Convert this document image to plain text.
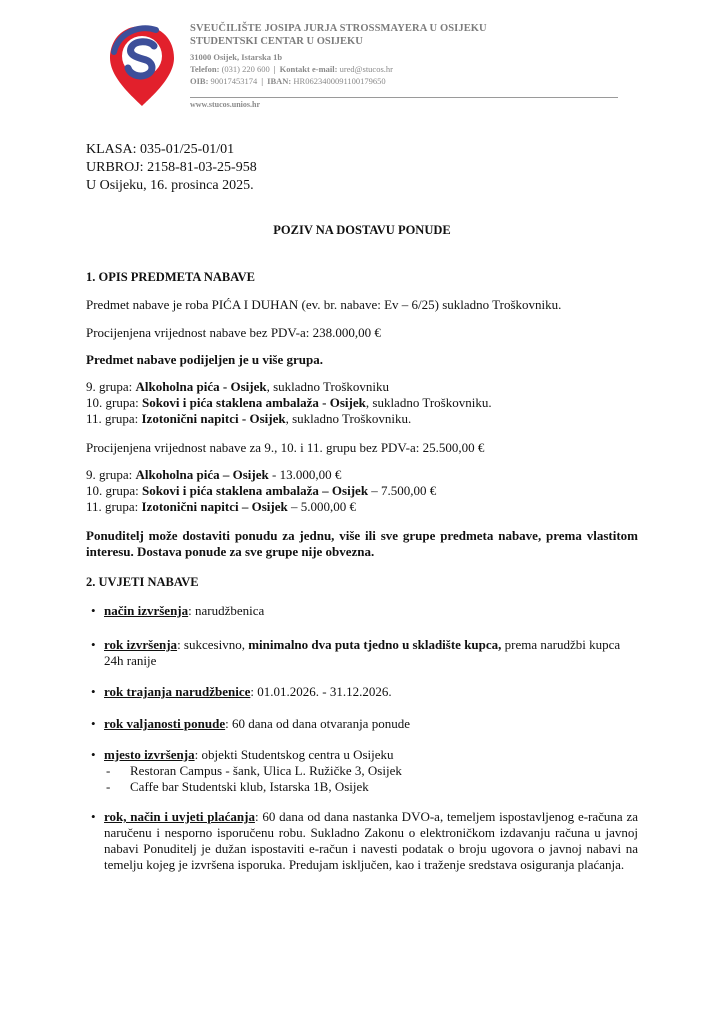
SVEUČILIŠTE JOSIPA JURJA STROSSMAYERA U OSIJEKU
STUDENTSKI CENTAR U OSIJEKU
31000 Osijek, Istarska 1b
Telefon: (031) 220 600 | Kontakt e-mail: ured@stucos.hr
OIB: 90017453174 | IBAN: HR0623400091100179650
www.stucos.unios.hr
KLASA: 035-01/25-01/01
URBROJ: 2158-81-03-25-958
U Osijeku, 16. prosinca 2025.
POZIV NA DOSTAVU PONUDE
1. OPIS PREDMETA NABAVE
Predmet nabave je roba PIĆA I DUHAN (ev. br. nabave: Ev – 6/25) sukladno Troškovniku.
Procijenjena vrijednost nabave bez PDV-a: 238.000,00 €
Predmet nabave podijeljen je u više grupa.
9. grupa: Alkoholna pića - Osijek, sukladno Troškovniku
10. grupa: Sokovi i pića staklena ambalaža - Osijek, sukladno Troškovniku.
11. grupa: Izotonični napitci - Osijek, sukladno Troškovniku.
Procijenjena vrijednost nabave za 9., 10. i 11. grupu bez PDV-a: 25.500,00 €
9. grupa: Alkoholna pića – Osijek - 13.000,00 €
10. grupa: Sokovi i pića staklena ambalaža – Osijek – 7.500,00 €
11. grupa: Izotonični napitci – Osijek – 5.000,00 €
Ponuditelj može dostaviti ponudu za jednu, više ili sve grupe predmeta nabave, prema vlastitom interesu. Dostava ponude za sve grupe nije obvezna.
2. UVJETI NABAVE
• način izvršenja: narudžbenica
• rok izvršenja: sukcesivno, minimalno dva puta tjedno u skladište kupca, prema narudžbi kupca 24h ranije
• rok trajanja narudžbenice: 01.01.2026. - 31.12.2026.
• rok valjanosti ponude: 60 dana od dana otvaranja ponude
• mjesto izvršenja: objekti Studentskog centra u Osijeku
- Restoran Campus - šank, Ulica L. Ružičke 3, Osijek
- Caffe bar Studentski klub, Istarska 1B, Osijek
• rok, način i uvjeti plaćanja: 60 dana od dana nastanka DVO-a, temeljem ispostavljenog e-računa za naručenu i nesporno isporučenu robu. Sukladno Zakonu o elektroničkom izdavanju računa u javnoj nabavi Ponuditelj je dužan ispostaviti e-račun i navesti podatak o broju ugovora o javnoj nabavi na temelju kojeg je izvršena isporuka. Predujam isključen, kao i traženje sredstava osiguranja plaćanja.
